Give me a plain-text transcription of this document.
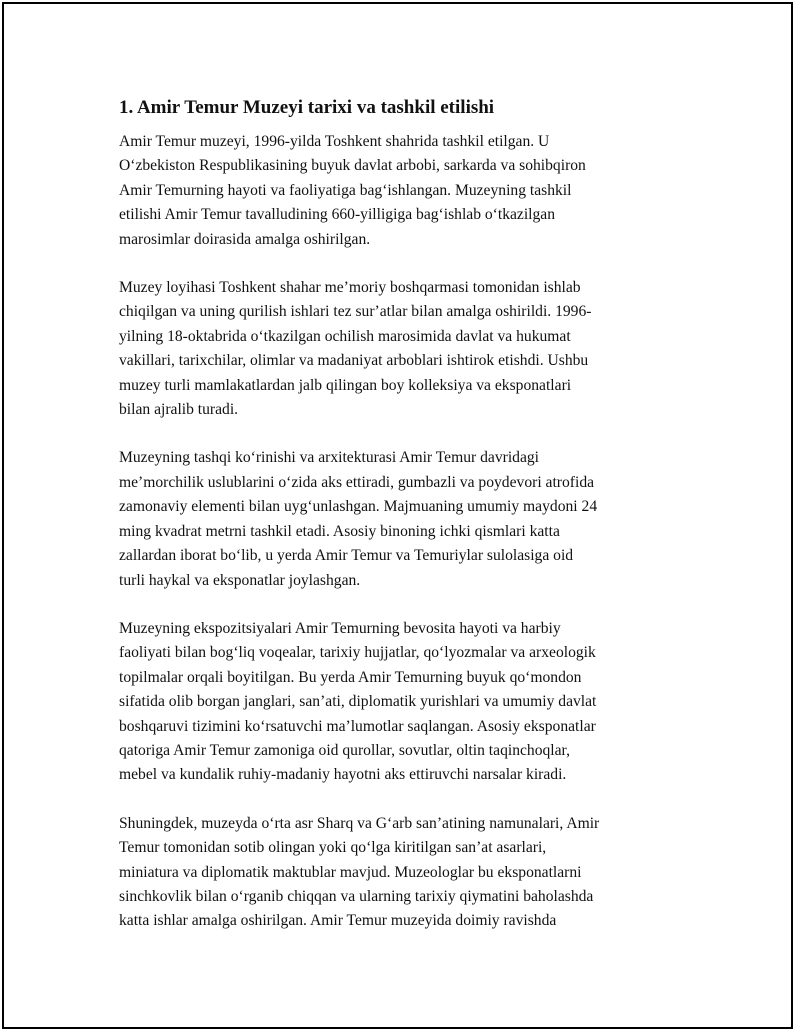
1. Amir Temur Muzeyi tarixi va tashkil etilishi
Amir Temur muzeyi, 1996-yilda Toshkent shahrida tashkil etilgan. U
Oʻzbekiston Respublikasining buyuk davlat arbobi, sarkarda va sohibqiron
Amir Temurning hayoti va faoliyatiga bagʻishlangan. Muzeyning tashkil
etilishi Amir Temur tavalludining 660-yilligiga bagʻishlab oʻtkazilgan
marosimlar doirasida amalga oshirilgan.
Muzey loyihasi Toshkent shahar meʼmoriy boshqarmasi tomonidan ishlab
chiqilgan va uning qurilish ishlari tez surʼatlar bilan amalga oshirildi. 1996-
yilning 18-oktabrida oʻtkazilgan ochilish marosimida davlat va hukumat
vakillari, tarixchilar, olimlar va madaniyat arboblari ishtirok etishdi. Ushbu
muzey turli mamlakatlardan jalb qilingan boy kolleksiya va eksponatlari
bilan ajralib turadi.
Muzeyning tashqi koʻrinishi va arxitekturasi Amir Temur davridagi
meʼmorchilik uslublarini oʻzida aks ettiradi, gumbazli va poydevori atrofida
zamonaviy elementi bilan uygʻunlashgan. Majmuaning umumiy maydoni 24
ming kvadrat metrni tashkil etadi. Asosiy binoning ichki qismlari katta
zallardan iborat boʻlib, u yerda Amir Temur va Temuriylar sulolasiga oid
turli haykal va eksponatlar joylashgan.
Muzeyning ekspozitsiyalari Amir Temurning bevosita hayoti va harbiy
faoliyati bilan bogʻliq voqealar, tarixiy hujjatlar, qoʻlyozmalar va arxeologik
topilmalar orqali boyitilgan. Bu yerda Amir Temurning buyuk qoʻmondon
sifatida olib borgan janglari, sanʼati, diplomatik yurishlari va umumiy davlat
boshqaruvi tizimini koʻrsatuvchi maʼlumotlar saqlangan. Asosiy eksponatlar
qatoriga Amir Temur zamoniga oid qurollar, sovutlar, oltin taqinchoqlar,
mebel va kundalik ruhiy-madaniy hayotni aks ettiruvchi narsalar kiradi.
Shuningdek, muzeyda oʻrta asr Sharq va Gʻarb sanʼatining namunalari, Amir
Temur tomonidan sotib olingan yoki qoʻlga kiritilgan sanʼat asarlari,
miniatura va diplomatik maktublar mavjud. Muzeologlar bu eksponatlarni
sinchkovlik bilan oʻrganib chiqqan va ularning tarixiy qiymatini baholashda
katta ishlar amalga oshirilgan. Amir Temur muzeyida doimiy ravishda
